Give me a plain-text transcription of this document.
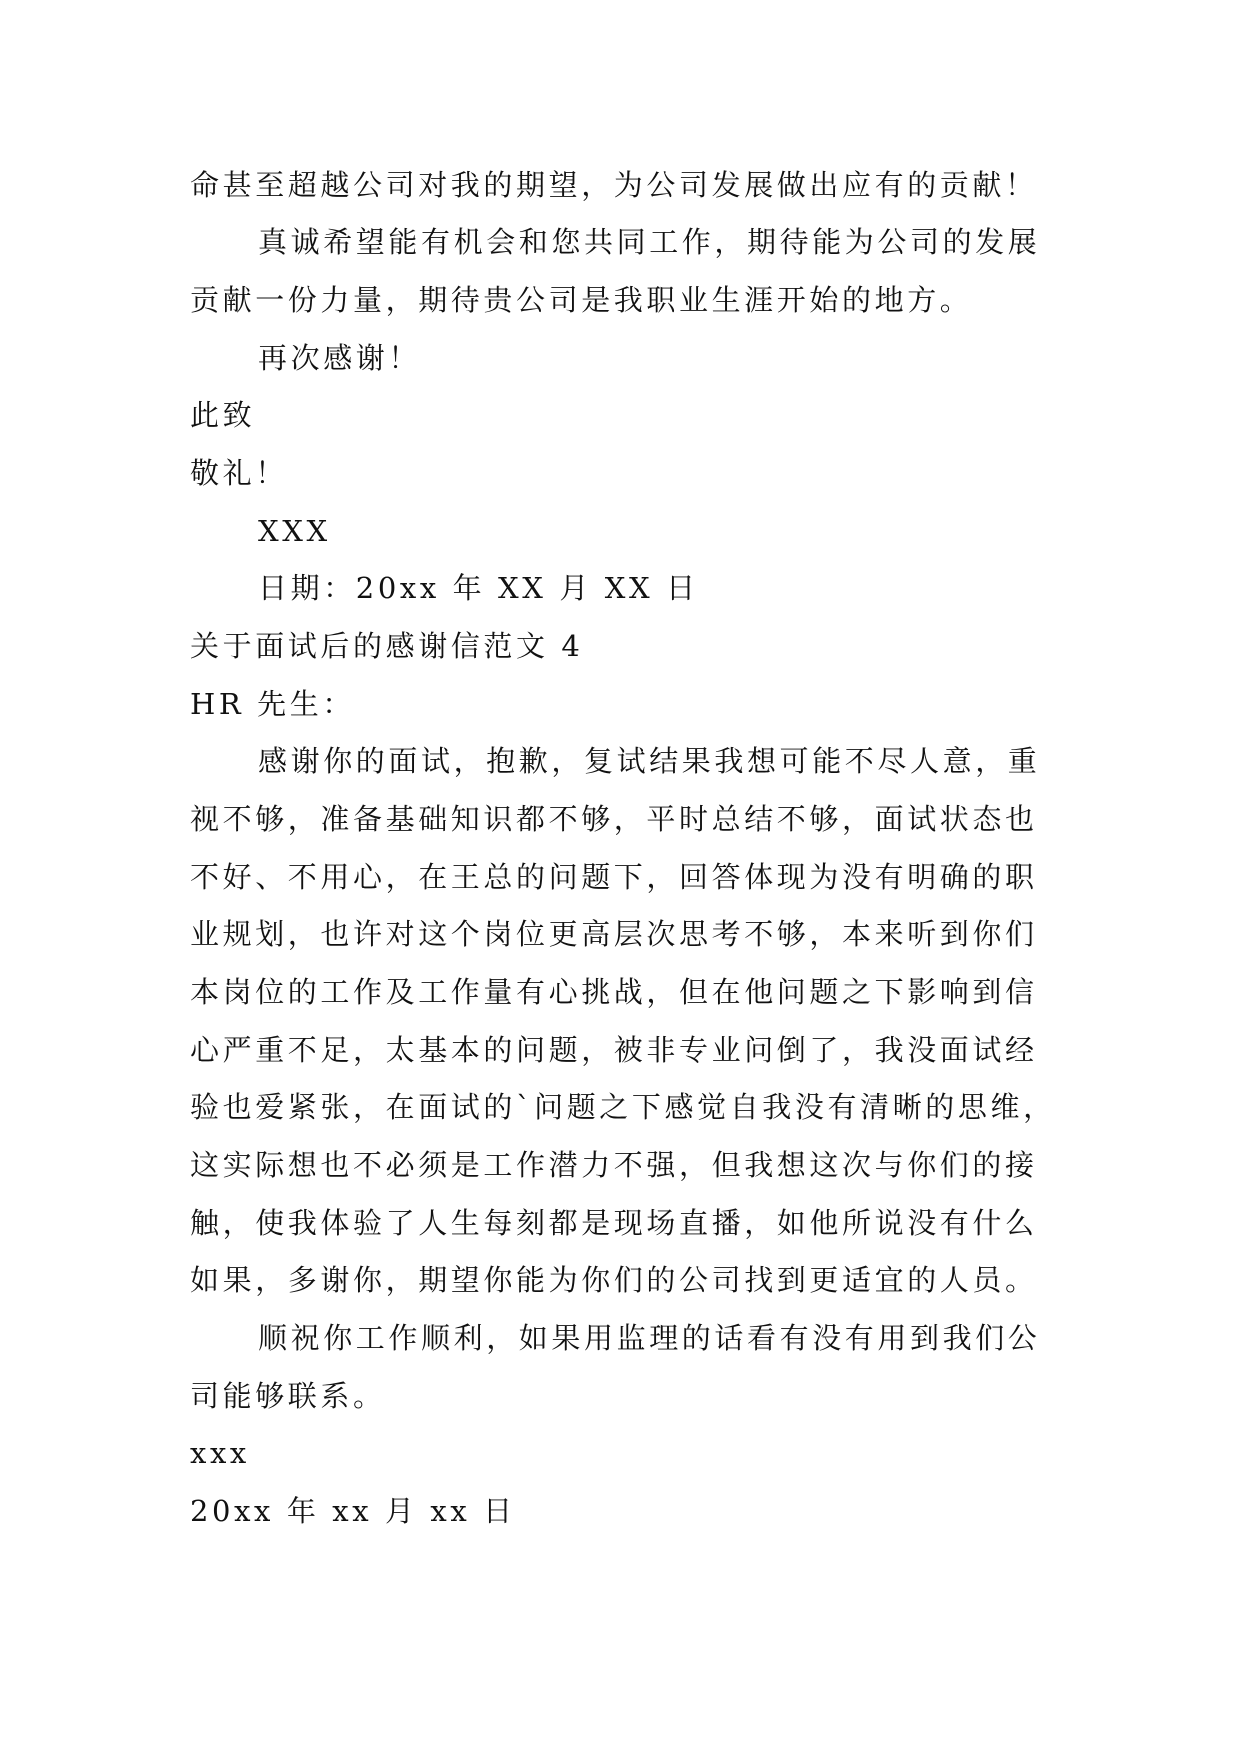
命甚至超越公司对我的期望，为公司发展做出应有的贡献！
真诚希望能有机会和您共同工作，期待能为公司的发展
贡献一份力量，期待贵公司是我职业生涯开始的地方。
再次感谢！
此致
敬礼！
XXX
日期：20xx 年 XX 月 XX 日
关于面试后的感谢信范文 4
HR 先生：
感谢你的面试，抱歉，复试结果我想可能不尽人意，重
视不够，准备基础知识都不够，平时总结不够，面试状态也
不好、不用心，在王总的问题下，回答体现为没有明确的职
业规划，也许对这个岗位更高层次思考不够，本来听到你们
本岗位的工作及工作量有心挑战，但在他问题之下影响到信
心严重不足，太基本的问题，被非专业问倒了，我没面试经
验也爱紧张，在面试的`问题之下感觉自我没有清晰的思维，
这实际想也不必须是工作潜力不强，但我想这次与你们的接
触，使我体验了人生每刻都是现场直播，如他所说没有什么
如果，多谢你，期望你能为你们的公司找到更适宜的人员。
顺祝你工作顺利，如果用监理的话看有没有用到我们公
司能够联系。
xxx
20xx 年 xx 月 xx 日
